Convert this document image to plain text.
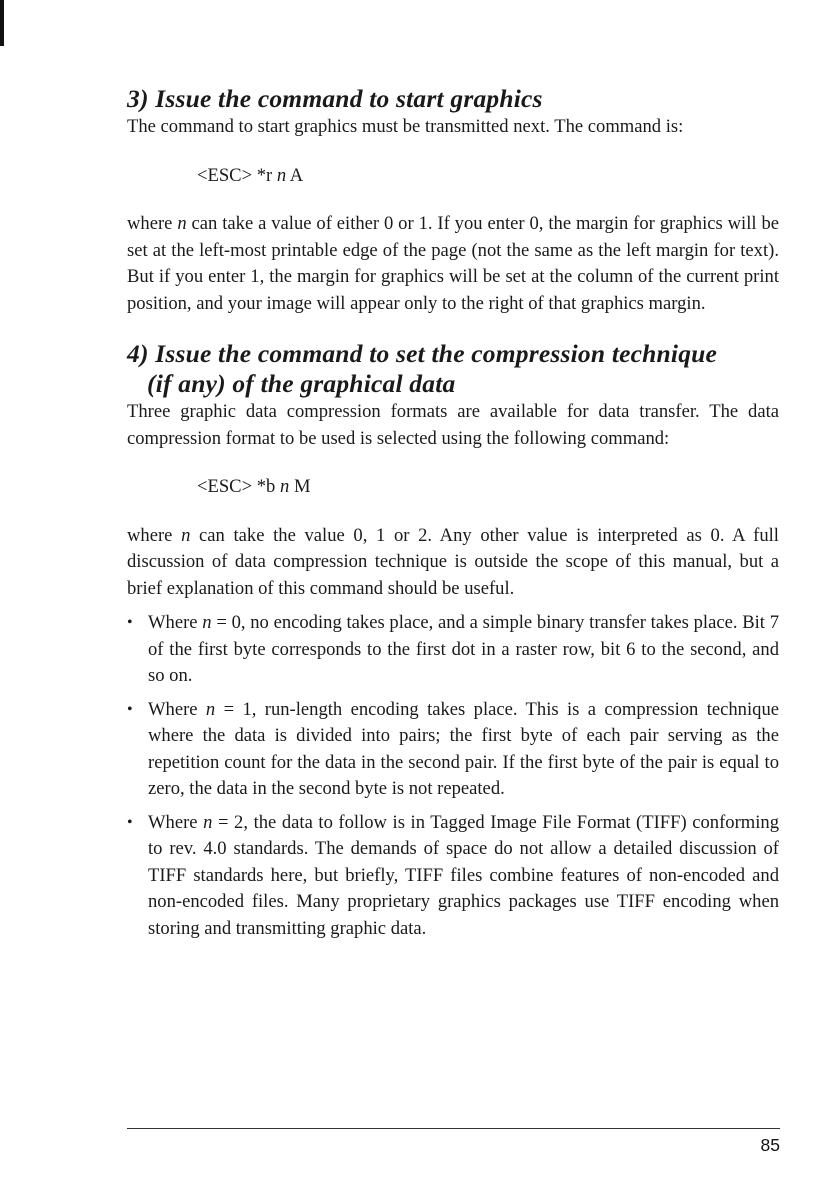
3) Issue the command to start graphics

The command to start graphics must be transmitted next. The command is:

<ESC> *r n A

where n can take a value of either 0 or 1. If you enter 0, the margin for graphics will be set at the left-most printable edge of the page (not the same as the left margin for text). But if you enter 1, the margin for graphics will be set at the column of the current print position, and your image will appear only to the right of that graphics margin.

4) Issue the command to set the compression technique
(if any) of the graphical data

Three graphic data compression formats are available for data transfer. The data compression format to be used is selected using the following command:

<ESC> *b n M

where n can take the value 0, 1 or 2. Any other value is interpreted as 0. A full discussion of data compression technique is outside the scope of this manual, but a brief explanation of this command should be useful.

• Where n = 0, no encoding takes place, and a simple binary transfer takes place. Bit 7 of the first byte corresponds to the first dot in a raster row, bit 6 to the second, and so on.
• Where n = 1, run-length encoding takes place. This is a compression technique where the data is divided into pairs; the first byte of each pair serving as the repetition count for the data in the second pair. If the first byte of the pair is equal to zero, the data in the second byte is not repeated.
• Where n = 2, the data to follow is in Tagged Image File Format (TIFF) conforming to rev. 4.0 standards. The demands of space do not allow a detailed discussion of TIFF standards here, but briefly, TIFF files combine features of non-encoded and non-encoded files. Many proprietary graphics packages use TIFF encoding when storing and transmitting graphic data.
85
